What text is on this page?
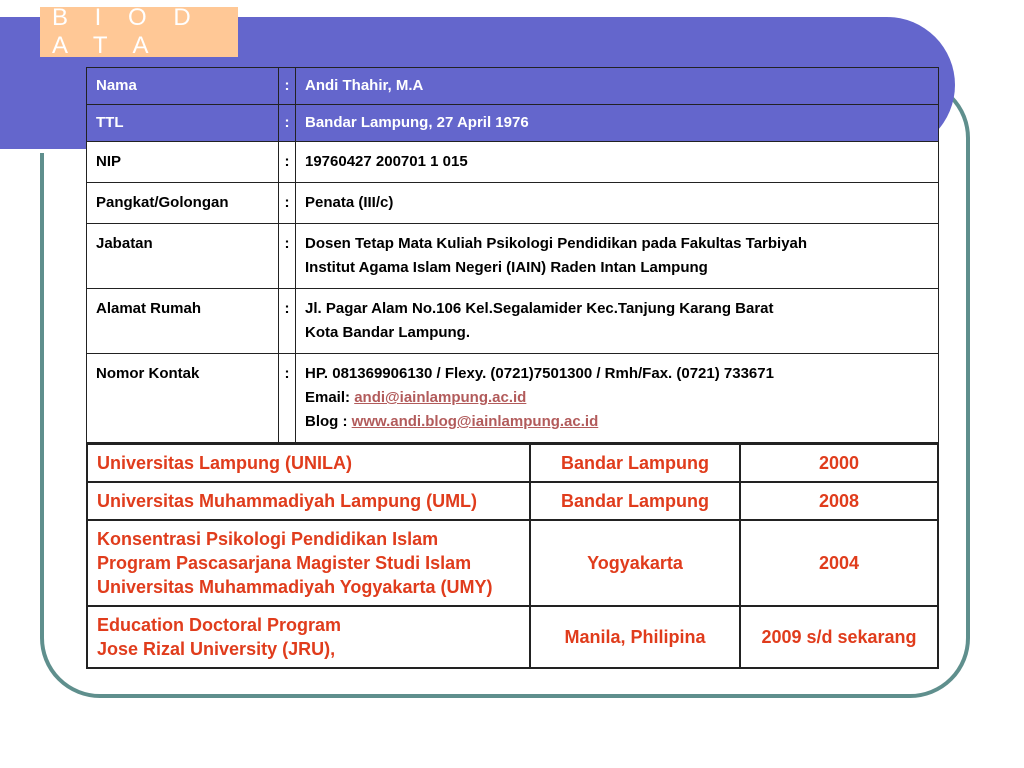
B I O D A T A
Nama	:	Andi Thahir, M.A

TTL	:	Bandar Lampung, 27 April 1976

NIP	:	19760427 200701 1 015

Pangkat/Golongan	:	Penata (III/c)

Jabatan	:	Dosen Tetap Mata Kuliah Psikologi Pendidikan pada Fakultas Tarbiyah
Institut Agama Islam Negeri (IAIN) Raden Intan Lampung

Alamat Rumah	:	Jl. Pagar Alam No.106 Kel.Segalamider Kec.Tanjung Karang Barat
Kota Bandar Lampung.

Nomor Kontak	:	HP. 081369906130 / Flexy. (0721)7501300 / Rmh/Fax. (0721) 733671
Email: andi@iainlampung.ac.id
Blog : www.andi.blog@iainlampung.ac.id
Universitas Lampung (UNILA)	Bandar Lampung	2000

Universitas Muhammadiyah Lampung (UML)	Bandar Lampung	2008

Konsentrasi Psikologi Pendidikan Islam
Program Pascasarjana Magister Studi Islam
Universitas Muhammadiyah Yogyakarta (UMY)	Yogyakarta	2004

Education Doctoral Program
Jose Rizal University (JRU),	Manila, Philipina	2009 s/d sekarang
